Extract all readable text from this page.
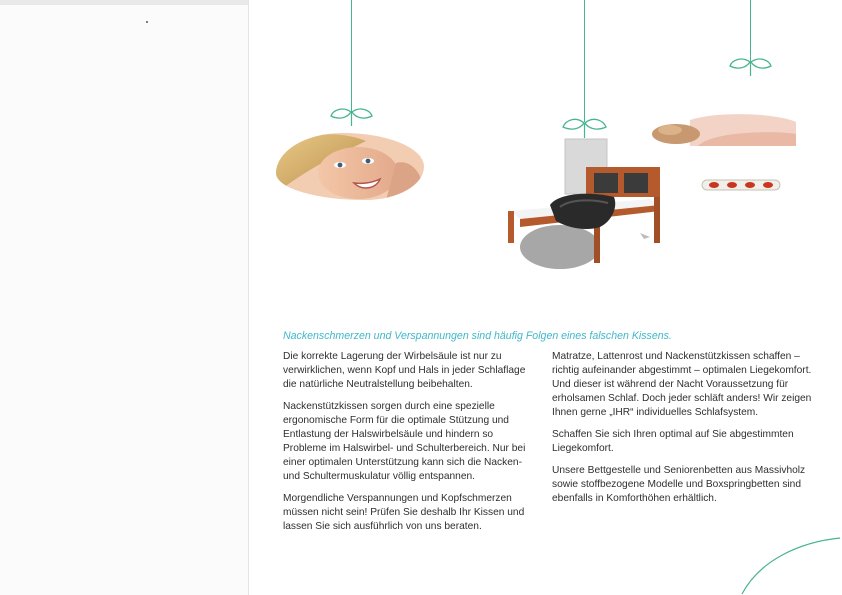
Nackenschmerzen und Verspannungen sind häufig Folgen eines falschen Kissens.

Die korrekte Lagerung der Wirbelsäule ist nur zu verwirklichen, wenn Kopf und Hals in jeder Schlaflage die natürliche Neutralstellung beibehalten.

Nackenstützkissen sorgen durch eine spezielle ergonomische Form für die optimale Stützung und Entlastung der Halswirbelsäule und hindern so Probleme im Halswirbel- und Schulterbereich. Nur bei einer optimalen Unterstützung kann sich die Nacken- und Schultermuskulatur völlig entspannen.

Morgendliche Verspannungen und Kopfschmerzen müssen nicht sein! Prüfen Sie deshalb Ihr Kissen und lassen Sie sich ausführlich von uns beraten.

Matratze, Lattenrost und Nackenstützkissen schaffen – richtig aufeinander abgestimmt – optimalen Liegekomfort. Und dieser ist während der Nacht Voraussetzung für erholsamen Schlaf. Doch jeder schläft anders! Wir zeigen Ihnen gerne „IHR“ individuelles Schlafsystem.

Schaffen Sie sich Ihren optimal auf Sie abgestimmten Liegekomfort.

Unsere Bettgestelle und Seniorenbetten aus Massivholz sowie stoffbezogene Modelle und Boxspringbetten sind ebenfalls in Komforthöhen erhältlich.
